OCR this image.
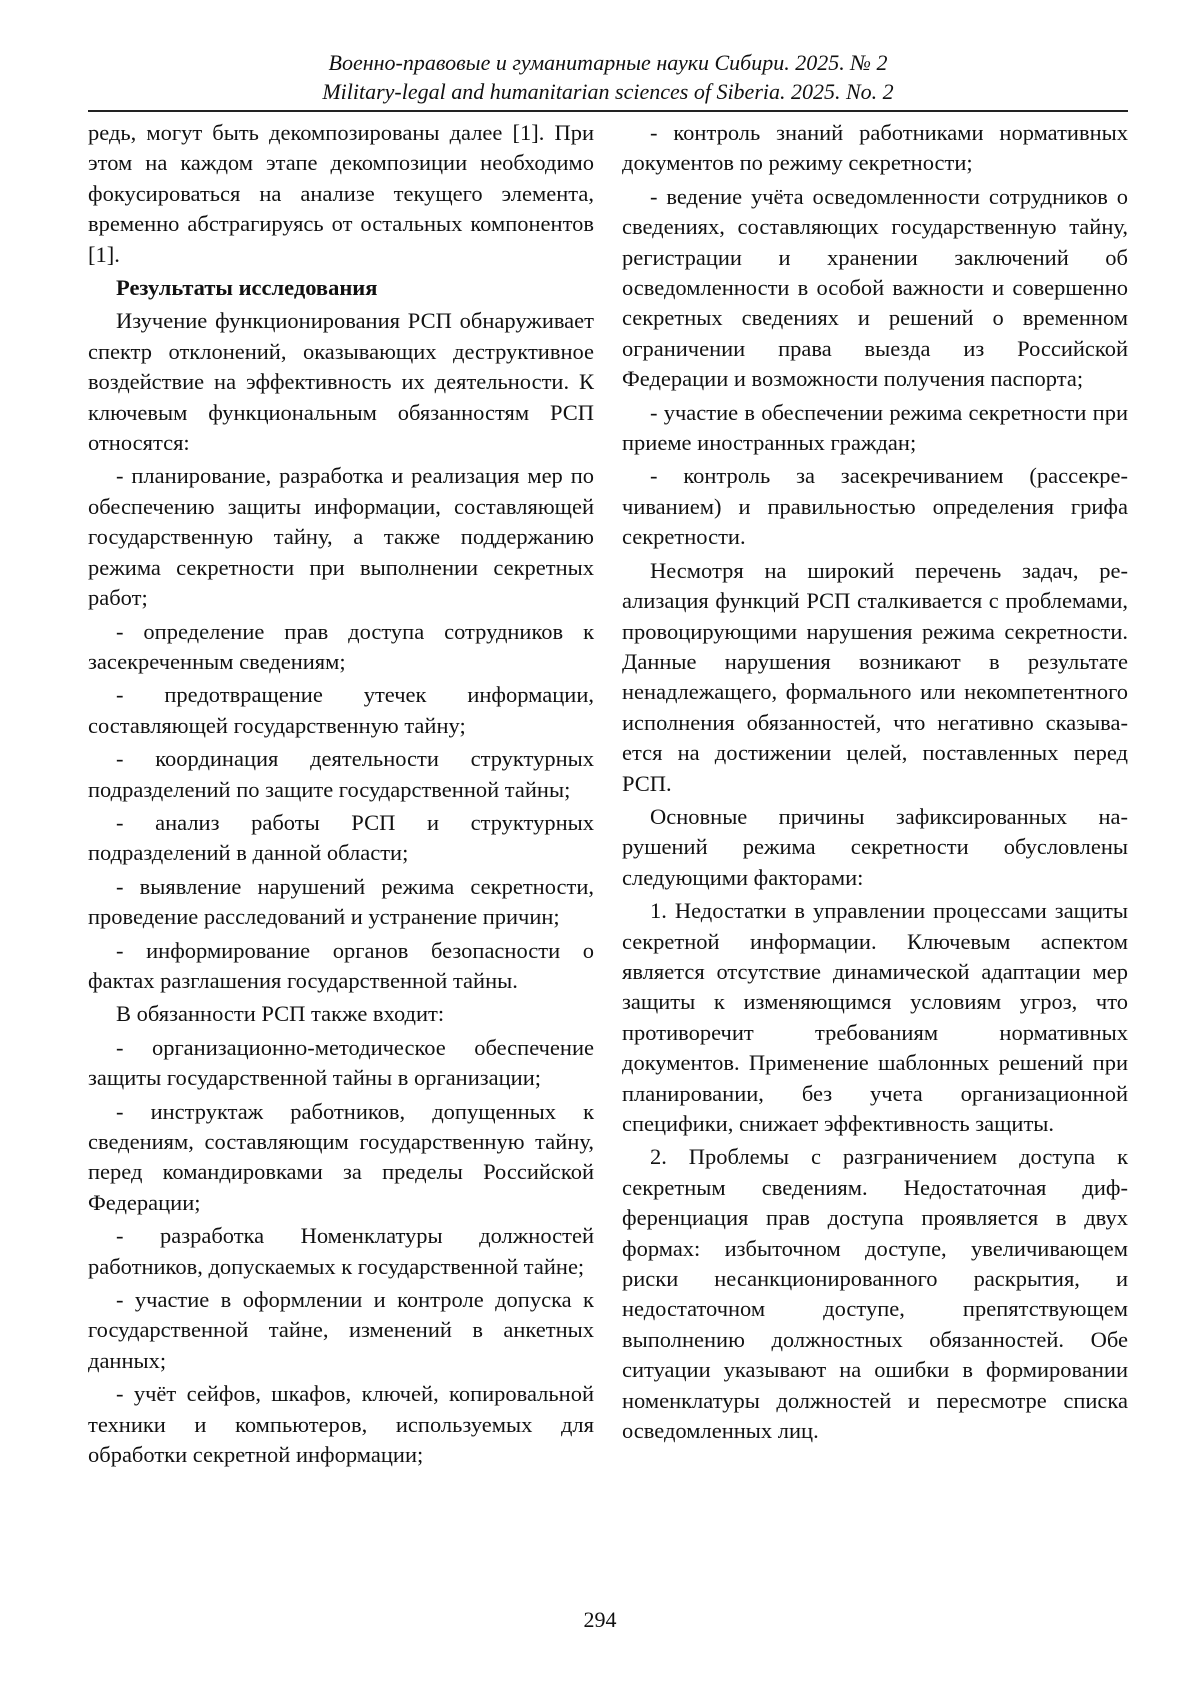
Военно-правовые и гуманитарные науки Сибири. 2025. № 2
Military-legal and humanitarian sciences of Siberia. 2025. No. 2

редь, могут быть декомпозированы далее [1]. При этом на каждом этапе декомпозиции необходимо фокусироваться на анализе текущего элемента, временно абстрагируясь от остальных компонентов [1].

Результаты исследования

Изучение функционирования РСП обнаруживает спектр отклонений, оказывающих деструктивное воздействие на эффективность их деятельности. К ключевым функциональным обязанностям РСП относятся:

- планирование, разработка и реализация мер по обеспечению защиты информации, составляющей государственную тайну, а также поддержанию режима секретности при выполнении секретных работ;

- определение прав доступа сотрудников к засекреченным сведениям;

- предотвращение утечек информации, составляющей государственную тайну;

- координация деятельности структурных подразделений по защите государственной тайны;

- анализ работы РСП и структурных подразделений в данной области;

- выявление нарушений режима секретности, проведение расследований и устранение причин;

- информирование органов безопасности о фактах разглашения государственной тайны.

В обязанности РСП также входит:

- организационно-методическое обеспечение защиты государственной тайны в организации;

- инструктаж работников, допущенных к сведениям, составляющим государственную тайну, перед командировками за пределы Российской Федерации;

- разработка Номенклатуры должностей работников, допускаемых к государственной тайне;

- участие в оформлении и контроле допуска к государственной тайне, изменений в анкетных данных;

- учёт сейфов, шкафов, ключей, копировальной техники и компьютеров, используемых для обработки секретной информации;

- контроль знаний работниками нормативных документов по режиму секретности;

- ведение учёта осведомленности сотрудников о сведениях, составляющих государственную тайну, регистрации и хранении заключений об осведомленности в особой важности и совершенно секретных сведениях и решений о временном ограничении права выезда из Российской Федерации и возможности получения паспорта;

- участие в обеспечении режима секретности при приеме иностранных граждан;

- контроль за засекречиванием (рассекречиванием) и правильностью определения грифа секретности.

Несмотря на широкий перечень задач, реализация функций РСП сталкивается с проблемами, провоцирующими нарушения режима секретности. Данные нарушения возникают в результате ненадлежащего, формального или некомпетентного исполнения обязанностей, что негативно сказывается на достижении целей, поставленных перед РСП.

Основные причины зафиксированных нарушений режима секретности обусловлены следующими факторами:

1. Недостатки в управлении процессами защиты секретной информации. Ключевым аспектом является отсутствие динамической адаптации мер защиты к изменяющимся условиям угроз, что противоречит требованиям нормативных документов. Применение шаблонных решений при планировании, без учета организационной специфики, снижает эффективность защиты.

2. Проблемы с разграничением доступа к секретным сведениям. Недостаточная дифференциация прав доступа проявляется в двух формах: избыточном доступе, увеличивающем риски несанкционированного раскрытия, и недостаточном доступе, препятствующем выполнению должностных обязанностей. Обе ситуации указывают на ошибки в формировании номенклатуры должностей и пересмотре списка осведомленных лиц.

294
